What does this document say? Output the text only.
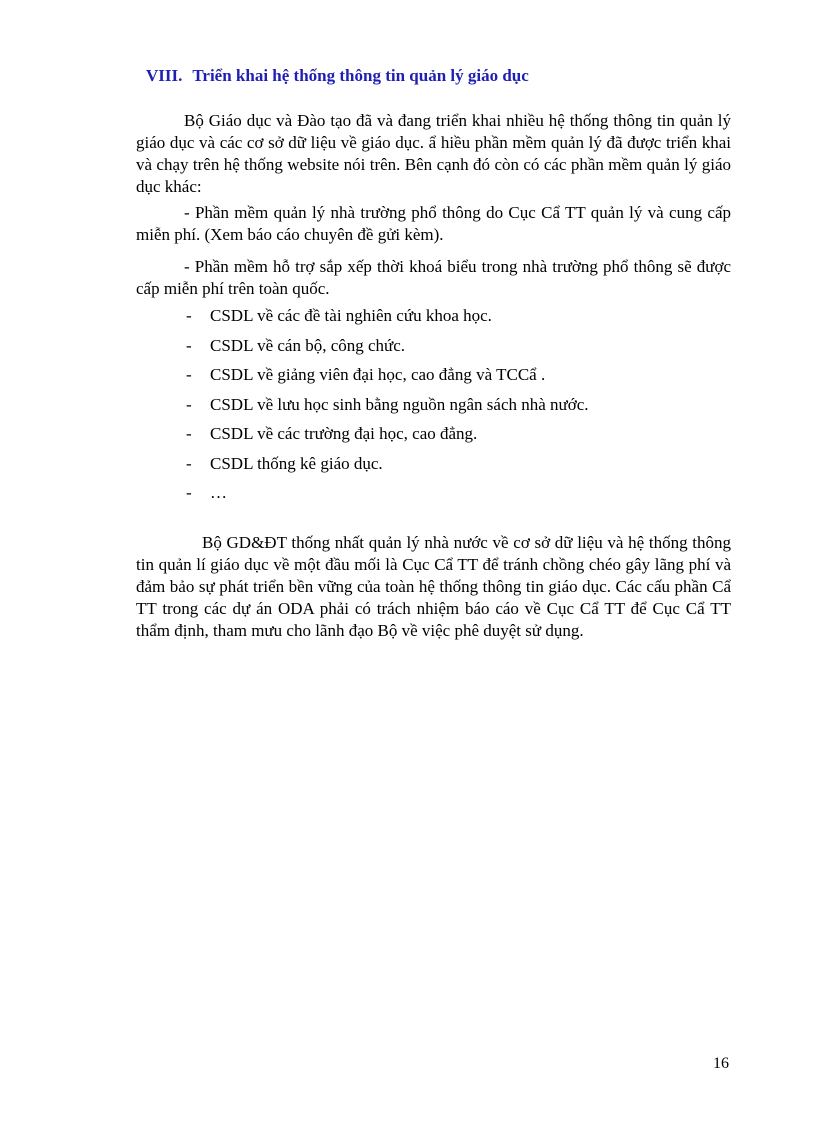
VIII. Triển khai hệ thống thông tin quản lý giáo dục

Bộ Giáo dục và Đào tạo đã và đang triển khai nhiều hệ thống thông tin quản lý giáo dục và các cơ sở dữ liệu về giáo dục. ẩ hiều phần mềm quản lý đã được triển khai và chạy trên hệ thống website nói trên. Bên cạnh đó còn có các phần mềm quản lý giáo dục khác:

- Phần mềm quản lý nhà trường phổ thông do Cục Cẩ TT quản lý và cung cấp miễn phí. (Xem báo cáo chuyên đề gửi kèm).

- Phần mềm hỗ trợ sắp xếp thời khoá biểu trong nhà trường phổ thông sẽ được cấp miễn phí trên toàn quốc.

-	CSDL về các đề tài nghiên cứu khoa học.
-	CSDL về cán bộ, công chức.
-	CSDL về giảng viên đại học, cao đẳng và TCCẩ .
-	CSDL về lưu học sinh bằng nguồn ngân sách nhà nước.
-	CSDL về các trường đại học, cao đẳng.
-	CSDL thống kê giáo dục.
-	…

Bộ GD&ĐT thống nhất quản lý nhà nước về cơ sở dữ liệu và hệ thống thông tin quản lí giáo dục về một đầu mối là Cục Cẩ TT để tránh chồng chéo gây lãng phí và đảm bảo sự phát triển bền vững của toàn hệ thống thông tin giáo dục. Các cấu phần Cẩ TT trong các dự án ODA phải có trách nhiệm báo cáo về Cục Cẩ TT để Cục Cẩ TT thẩm định, tham mưu cho lãnh đạo Bộ về việc phê duyệt sử dụng.

16
